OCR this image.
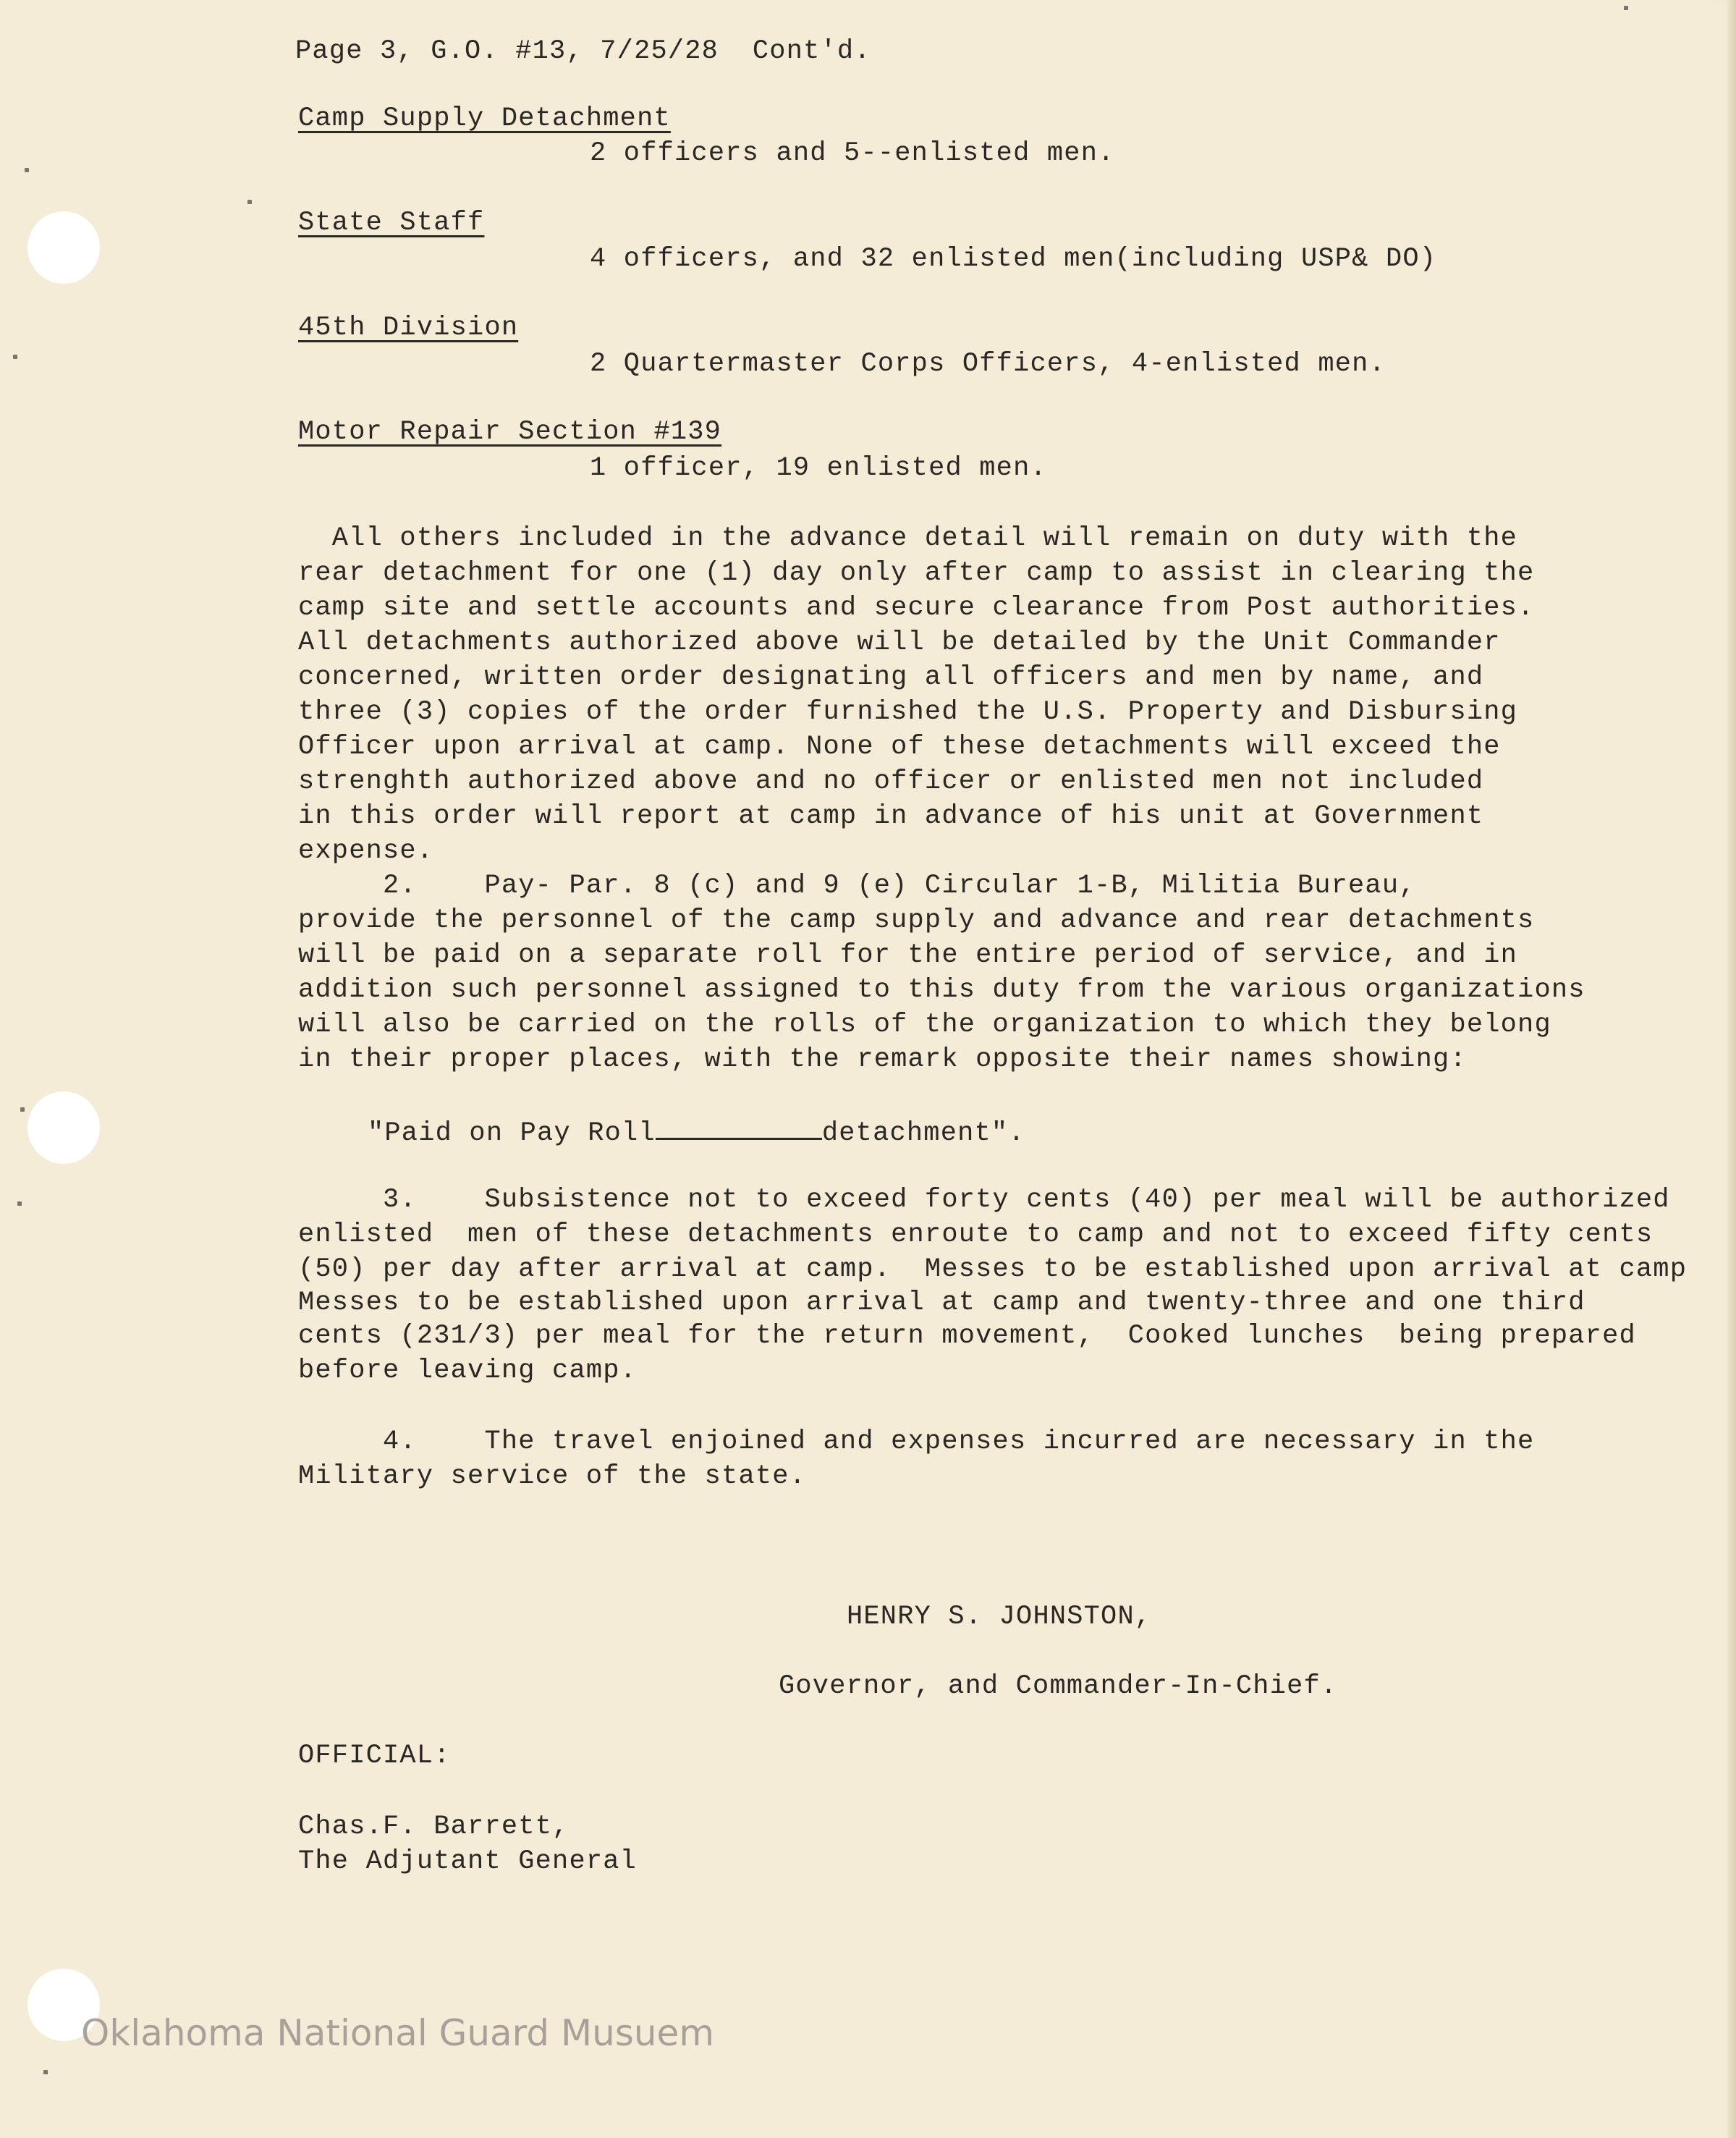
Page 3, G.O. #13, 7/25/28  Cont'd.
Camp Supply Detachment
2 officers and 5--enlisted men.
State Staff
4 officers, and 32 enlisted men(including USP& DO)
45th Division
2 Quartermaster Corps Officers, 4-enlisted men.
Motor Repair Section #139
1 officer, 19 enlisted men.
All others included in the advance detail will remain on duty with the
rear detachment for one (1) day only after camp to assist in clearing the
camp site and settle accounts and secure clearance from Post authorities.
All detachments authorized above will be detailed by the Unit Commander
concerned, written order designating all officers and men by name, and
three (3) copies of the order furnished the U.S. Property and Disbursing
Officer upon arrival at camp. None of these detachments will exceed the
strenghth authorized above and no officer or enlisted men not included
in this order will report at camp in advance of his unit at Government
expense.
2.    Pay- Par. 8 (c) and 9 (e) Circular 1-B, Militia Bureau,
provide the personnel of the camp supply and advance and rear detachments
will be paid on a separate roll for the entire period of service, and in
addition such personnel assigned to this duty from the various organizations
will also be carried on the rolls of the organization to which they belong
in their proper places, with the remark opposite their names showing:
"Paid on Pay Roll	detachment".
3.    Subsistence not to exceed forty cents (40) per meal will be authorized
enlisted  men of these detachments enroute to camp and not to exceed fifty cents
(50) per day after arrival at camp.  Messes to be established upon arrival at camp
Messes to be established upon arrival at camp and twenty-three and one third
cents (231/3) per meal for the return movement,  Cooked lunches  being prepared
before leaving camp.
4.    The travel enjoined and expenses incurred are necessary in the
Military service of the state.
HENRY S. JOHNSTON,
Governor, and Commander-In-Chief.
OFFICIAL:
Chas.F. Barrett,
The Adjutant General
Oklahoma National Guard Musuem
